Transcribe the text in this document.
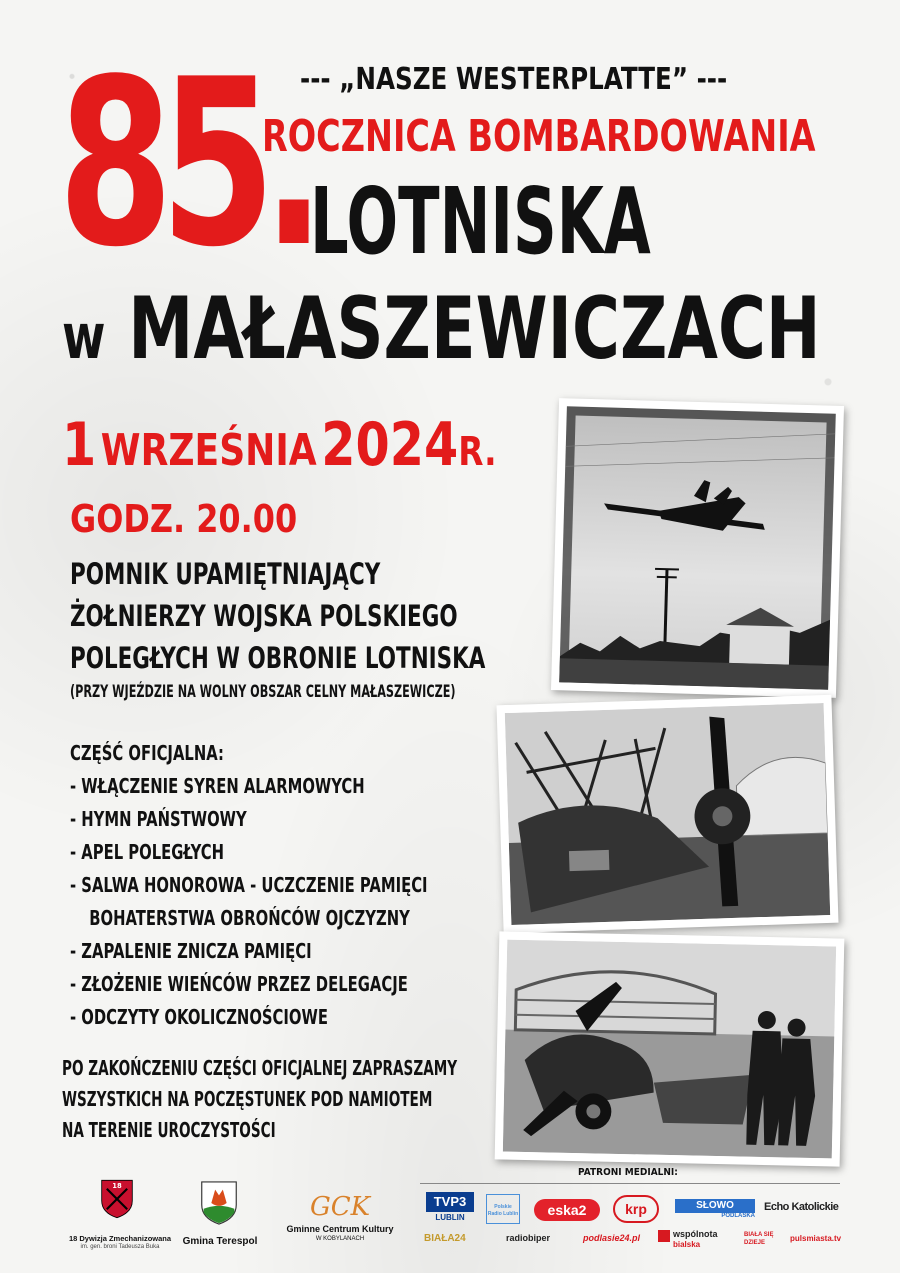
85.
--- „NASZE WESTERPLATTE” ---
ROCZNICA BOMBARDOWANIA
LOTNISKA
w MAŁASZEWICZACH
1 WRZEŚNIA 2024R.
GODZ. 20.00
POMNIK UPAMIĘTNIAJĄCY
ŻOŁNIERZY WOJSKA POLSKIEGO
POLEGŁYCH W OBRONIE LOTNISKA
(PRZY WJEŹDZIE NA WOLNY OBSZAR CELNY MAŁASZEWICZE)
CZĘŚĆ OFICJALNA:
- WŁĄCZENIE SYREN ALARMOWYCH
- HYMN PAŃSTWOWY
- APEL POLEGŁYCH
- SALWA HONOROWA - UCZCZENIE PAMIĘCI
BOHATERSTWA OBROŃCÓW OJCZYZNY
- ZAPALENIE ZNICZA PAMIĘCI
- ZŁOŻENIE WIEŃCÓW PRZEZ DELEGACJE
- ODCZYTY OKOLICZNOŚCIOWE
PO ZAKOŃCZENIU CZĘŚCI OFICJALNEJ ZAPRASZAMY
WSZYSTKICH NA POCZĘSTUNEK POD NAMIOTEM
NA TERENIE UROCZYSTOŚCI
18
18 Dywizja Zmechanizowana
im. gen. broni Tadeusza Buka	Gmina Terespol
GCK
Gminne Centrum Kultury
W KOBYLANACH
PATRONI MEDIALNI:
TVP3
LUBLIN
Polskie Radio Lublin	eska2	krp	SŁOWO
PODLASKA
Echo Katolickie
BIAŁA24	radiobiper	podlasie24.pl	wspólnota
bialska
BIAŁA SIĘ DZIEJE	pulsmiasta.tv
